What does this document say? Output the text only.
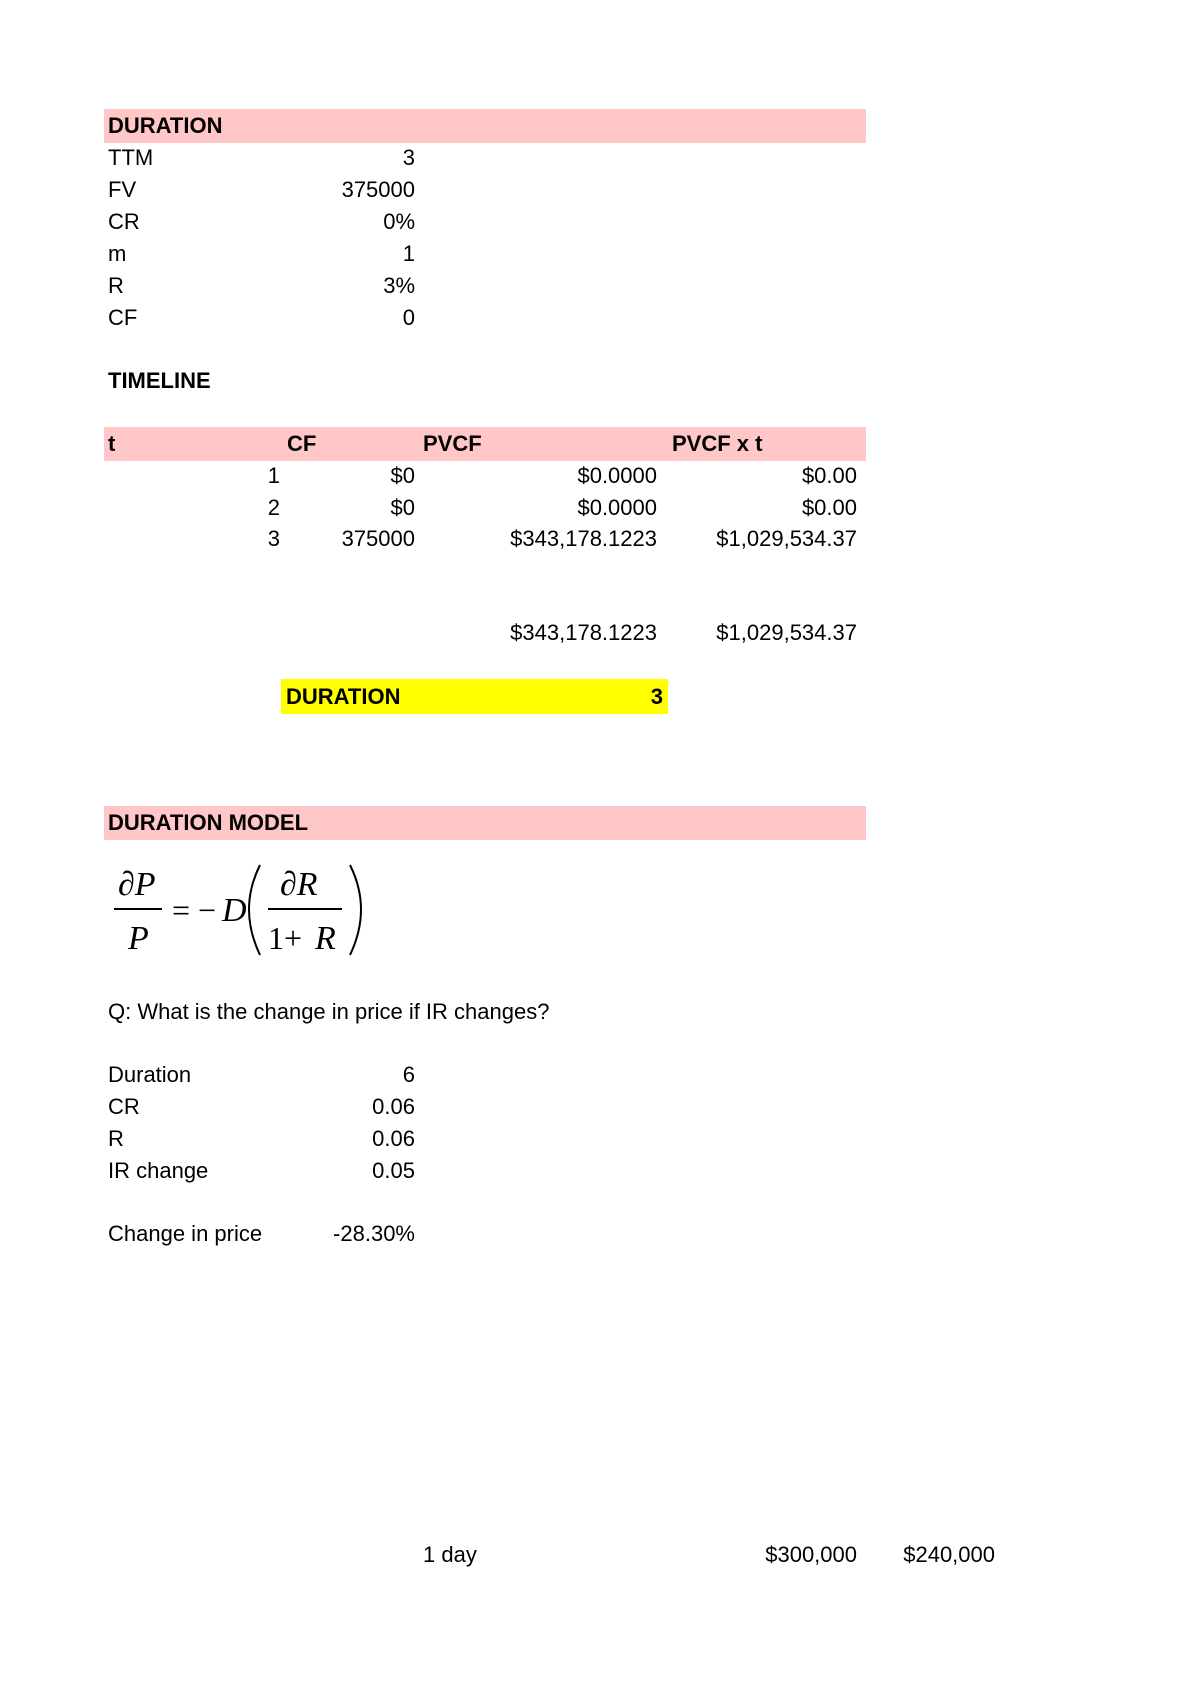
DURATION
TTM	3
FV	375000
CR	0%
m	1
R	3%
CF	0
TIMELINE
t	CF	PVCF	PVCF x t
1	$0	$0.0000	$0.00
2	$0	$0.0000	$0.00
3	375000	$343,178.1223	$1,029,534.37
$343,178.1223	$1,029,534.37
DURATION	3
DURATION MODEL
∂P
P
= − D
∂R
1+ R
Q: What is the change in price if IR changes?
Duration	6
CR	0.06
R	0.06
IR change	0.05
Change in price	-28.30%
1 day	$300,000	$240,000
